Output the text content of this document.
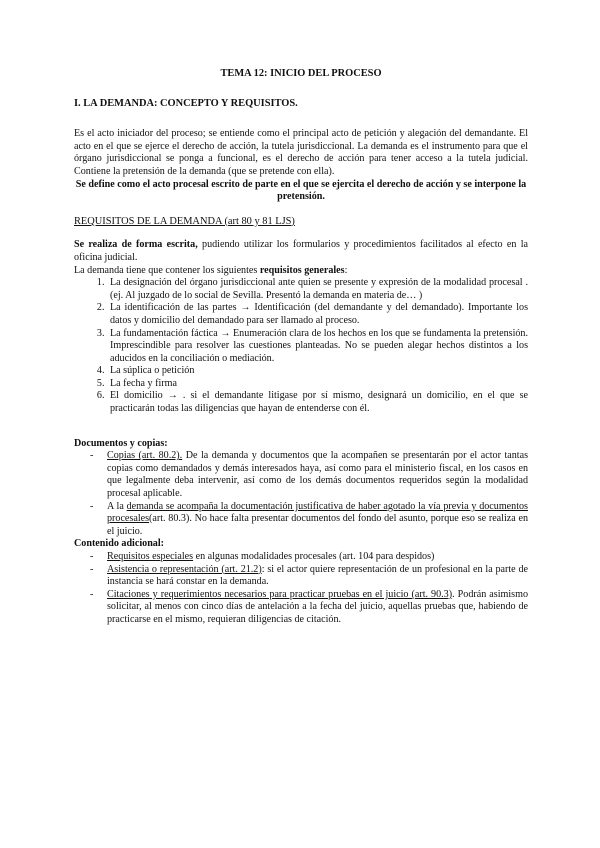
TEMA 12: INICIO DEL PROCESO

I. LA DEMANDA: CONCEPTO Y REQUISITOS.

Es el acto iniciador del proceso; se entiende como el principal acto de petición y alegación del demandante. El acto en el que se ejerce el derecho de acción, la tutela jurisdiccional. La demanda es el instrumento para que el órgano jurisdiccional se ponga a funcional, es el derecho de acción para tener acceso a la tutela judicial. Contiene la pretensión de la demanda (que se pretende con ella).

Se define como el acto procesal escrito de parte en el que se ejercita el derecho de acción y se interpone la pretensión.

REQUISITOS DE LA DEMANDA (art 80 y 81 LJS)

Se realiza de forma escrita, pudiendo utilizar los formularios y procedimientos facilitados al efecto en la oficina judicial.

La demanda tiene que contener los siguientes requisitos generales:

1. La designación del órgano jurisdiccional ante quien se presente y expresión de la modalidad procesal . (ej. Al juzgado de lo social de Sevilla. Presentó la demanda en materia de… )
2. La identificación de las partes → Identificación (del demandante y del demandado). Importante los datos y domicilio del demandado para ser llamado al proceso.
3. La fundamentación fáctica → Enumeración clara de los hechos en los que se fundamenta la pretensión. Imprescindible para resolver las cuestiones planteadas. No se pueden alegar hechos distintos a los aducidos en la conciliación o mediación.
4. La súplica o petición
5. La fecha y firma
6. El domicilio → . si el demandante litigase por sí mismo, designará un domicilio, en el que se practicarán todas las diligencias que hayan de entenderse con él.

Documentos y copias:

- Copias (art. 80.2). De la demanda y documentos que la acompañen se presentarán por el actor tantas copias como demandados y demás interesados haya, así como para el ministerio fiscal, en los casos en que legalmente deba intervenir, así como de los demás documentos requeridos según la modalidad procesal aplicable.
- A la demanda se acompaña la documentación justificativa de haber agotado la vía previa y documentos procesales(art. 80.3). No hace falta presentar documentos del fondo del asunto, porque eso se realiza en el juicio.

Contenido adicional:

- Requisitos especiales en algunas modalidades procesales (art. 104 para despidos)
- Asistencia o representación (art. 21.2): si el actor quiere representación de un profesional en la parte de instancia se hará constar en la demanda.
- Citaciones y requerimientos necesarios para practicar pruebas en el juicio (art. 90.3). Podrán asimismo solicitar, al menos con cinco días de antelación a la fecha del juicio, aquellas pruebas que, habiendo de practicarse en el mismo, requieran diligencias de citación.
